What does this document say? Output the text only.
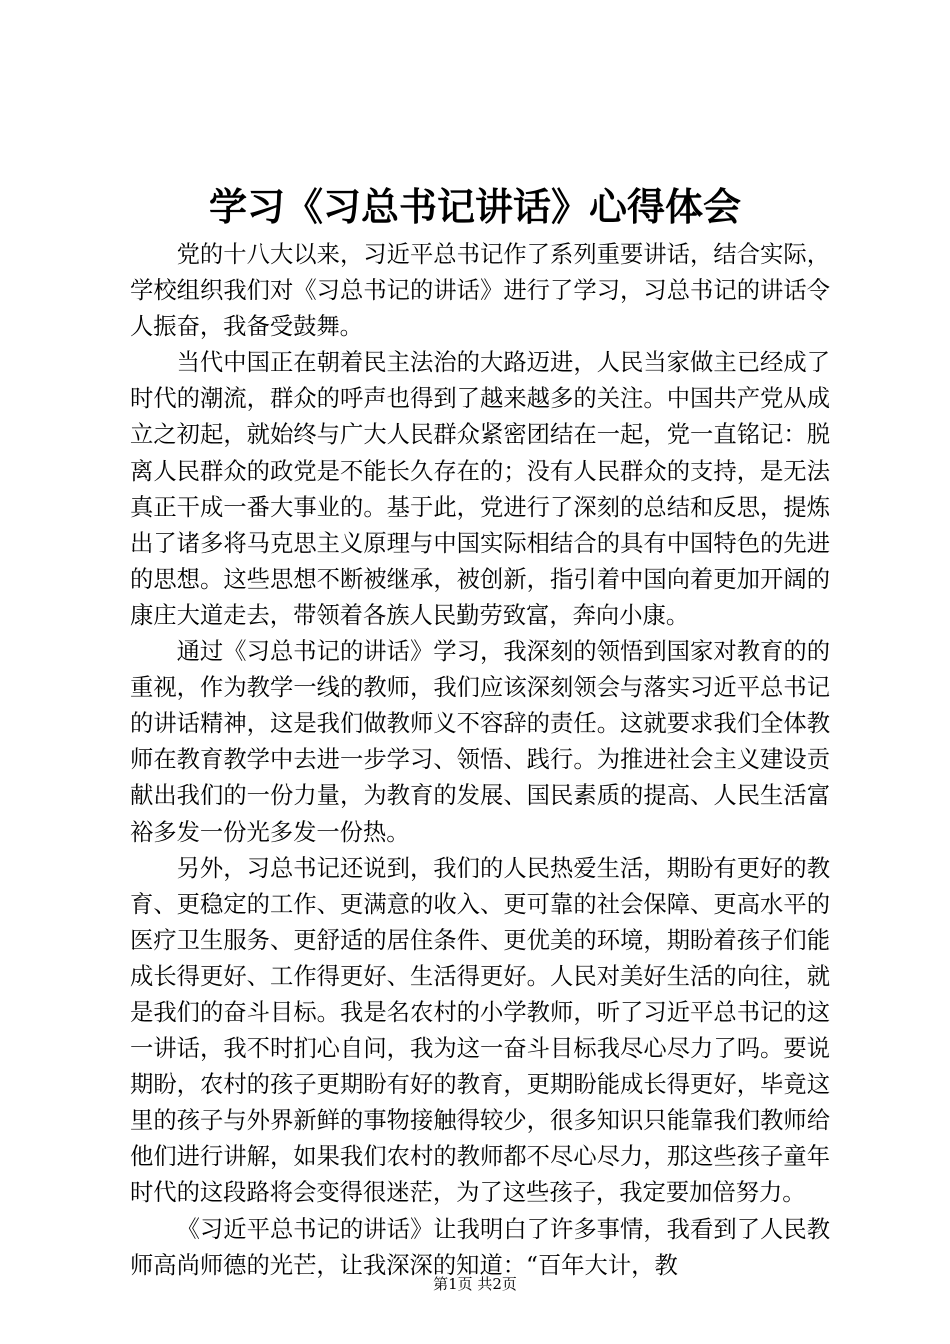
学习《习总书记讲话》心得体会

党的十八大以来，习近平总书记作了系列重要讲话，结合实际，学校组织我们对《习总书记的讲话》进行了学习，习总书记的讲话令人振奋，我备受鼓舞。

当代中国正在朝着民主法治的大路迈进，人民当家做主已经成了时代的潮流，群众的呼声也得到了越来越多的关注。中国共产党从成立之初起，就始终与广大人民群众紧密团结在一起，党一直铭记：脱离人民群众的政党是不能长久存在的；没有人民群众的支持，是无法真正干成一番大事业的。基于此，党进行了深刻的总结和反思，提炼出了诸多将马克思主义原理与中国实际相结合的具有中国特色的先进的思想。这些思想不断被继承，被创新，指引着中国向着更加开阔的康庄大道走去，带领着各族人民勤劳致富，奔向小康。

通过《习总书记的讲话》学习，我深刻的领悟到国家对教育的的重视，作为教学一线的教师，我们应该深刻领会与落实习近平总书记的讲话精神，这是我们做教师义不容辞的责任。这就要求我们全体教师在教育教学中去进一步学习、领悟、践行。为推进社会主义建设贡献出我们的一份力量，为教育的发展、国民素质的提高、人民生活富裕多发一份光多发一份热。

另外，习总书记还说到，我们的人民热爱生活，期盼有更好的教育、更稳定的工作、更满意的收入、更可靠的社会保障、更高水平的医疗卫生服务、更舒适的居住条件、更优美的环境，期盼着孩子们能成长得更好、工作得更好、生活得更好。人民对美好生活的向往，就是我们的奋斗目标。我是名农村的小学教师，听了习近平总书记的这一讲话，我不时扪心自问，我为这一奋斗目标我尽心尽力了吗。要说期盼，农村的孩子更期盼有好的教育，更期盼能成长得更好，毕竟这里的孩子与外界新鲜的事物接触得较少，很多知识只能靠我们教师给他们进行讲解，如果我们农村的教师都不尽心尽力，那这些孩子童年时代的这段路将会变得很迷茫，为了这些孩子，我定要加倍努力。

《习近平总书记的讲话》让我明白了许多事情，我看到了人民教师高尚师德的光芒，让我深深的知道：“百年大计，教

第1页 共2页
